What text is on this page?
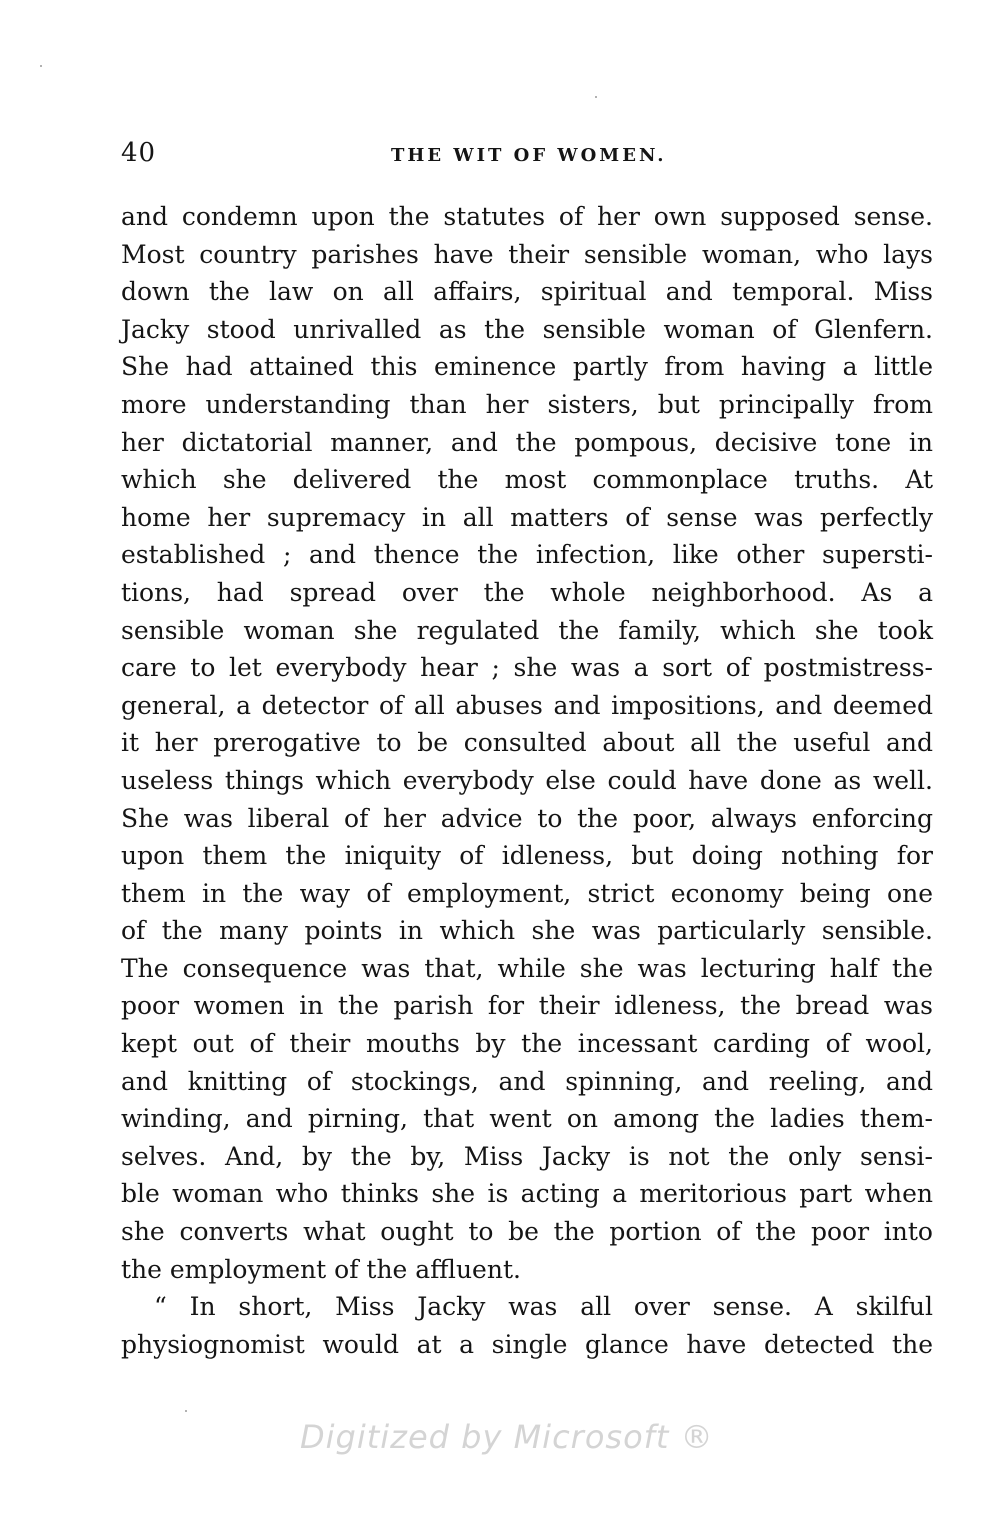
40	THE WIT OF WOMEN.
and condemn upon the statutes of her own supposed sense.
Most country parishes have their sensible woman, who lays
down the law on all affairs, spiritual and temporal. Miss
Jacky stood unrivalled as the sensible woman of Glenfern.
She had attained this eminence partly from having a little
more understanding than her sisters, but principally from
her dictatorial manner, and the pompous, decisive tone in
which she delivered the most commonplace truths. At
home her supremacy in all matters of sense was perfectly
established ; and thence the infection, like other supersti-
tions, had spread over the whole neighborhood. As a
sensible woman she regulated the family, which she took
care to let everybody hear ; she was a sort of postmistress-
general, a detector of all abuses and impositions, and deemed
it her prerogative to be consulted about all the useful and
useless things which everybody else could have done as well.
She was liberal of her advice to the poor, always enforcing
upon them the iniquity of idleness, but doing nothing for
them in the way of employment, strict economy being one
of the many points in which she was particularly sensible.
The consequence was that, while she was lecturing half the
poor women in the parish for their idleness, the bread was
kept out of their mouths by the incessant carding of wool,
and knitting of stockings, and spinning, and reeling, and
winding, and pirning, that went on among the ladies them-
selves. And, by the by, Miss Jacky is not the only sensi-
ble woman who thinks she is acting a meritorious part when
she converts what ought to be the portion of the poor into
the employment of the affluent.
“ In short, Miss Jacky was all over sense. A skilful
physiognomist would at a single glance have detected the
Digitized by Microsoft ®
